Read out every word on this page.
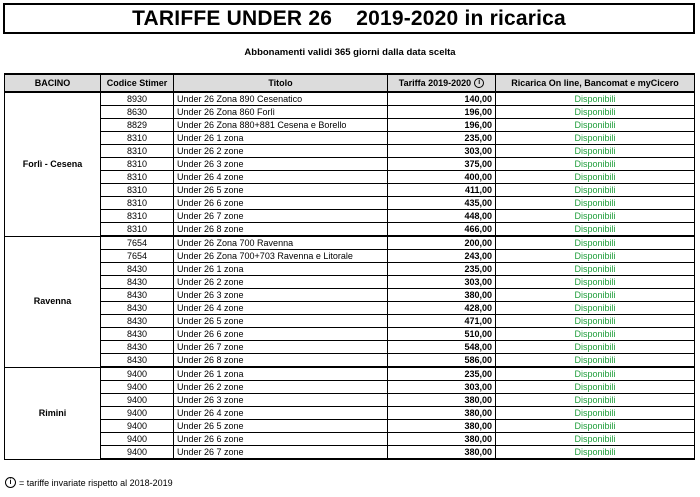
TARIFFE UNDER 26    2019-2020 in ricarica
Abbonamenti validi 365 giorni dalla data scelta
BACINO	Codice Stimer	Titolo	Tariffa 2019-2020 i	Ricarica On line, Bancomat e myCicero
Forlì - Cesena	8930	Under 26 Zona 890 Cesenatico	140,00	Disponibili
	8630	Under 26 Zona 860 Forlì	196,00	Disponibili
	8829	Under 26 Zona 880+881 Cesena e Borello	196,00	Disponibili
	8310	Under 26 1 zona	235,00	Disponibili
	8310	Under 26 2 zone	303,00	Disponibili
	8310	Under 26 3 zone	375,00	Disponibili
	8310	Under 26 4 zone	400,00	Disponibili
	8310	Under 26 5 zone	411,00	Disponibili
	8310	Under 26 6 zone	435,00	Disponibili
	8310	Under 26 7 zone	448,00	Disponibili
	8310	Under 26 8 zone	466,00	Disponibili
Ravenna	7654	Under 26 Zona 700 Ravenna	200,00	Disponibili
	7654	Under 26 Zona 700+703 Ravenna e Litorale	243,00	Disponibili
	8430	Under 26 1 zona	235,00	Disponibili
	8430	Under 26 2 zone	303,00	Disponibili
	8430	Under 26 3 zone	380,00	Disponibili
	8430	Under 26 4 zone	428,00	Disponibili
	8430	Under 26 5 zone	471,00	Disponibili
	8430	Under 26 6 zone	510,00	Disponibili
	8430	Under 26 7 zone	548,00	Disponibili
	8430	Under 26 8 zone	586,00	Disponibili
Rimini	9400	Under 26 1 zona	235,00	Disponibili
	9400	Under 26 2 zone	303,00	Disponibili
	9400	Under 26 3 zone	380,00	Disponibili
	9400	Under 26 4 zone	380,00	Disponibili
	9400	Under 26 5 zone	380,00	Disponibili
	9400	Under 26 6 zone	380,00	Disponibili
	9400	Under 26 7 zone	380,00	Disponibili
i = tariffe invariate rispetto al 2018-2019
